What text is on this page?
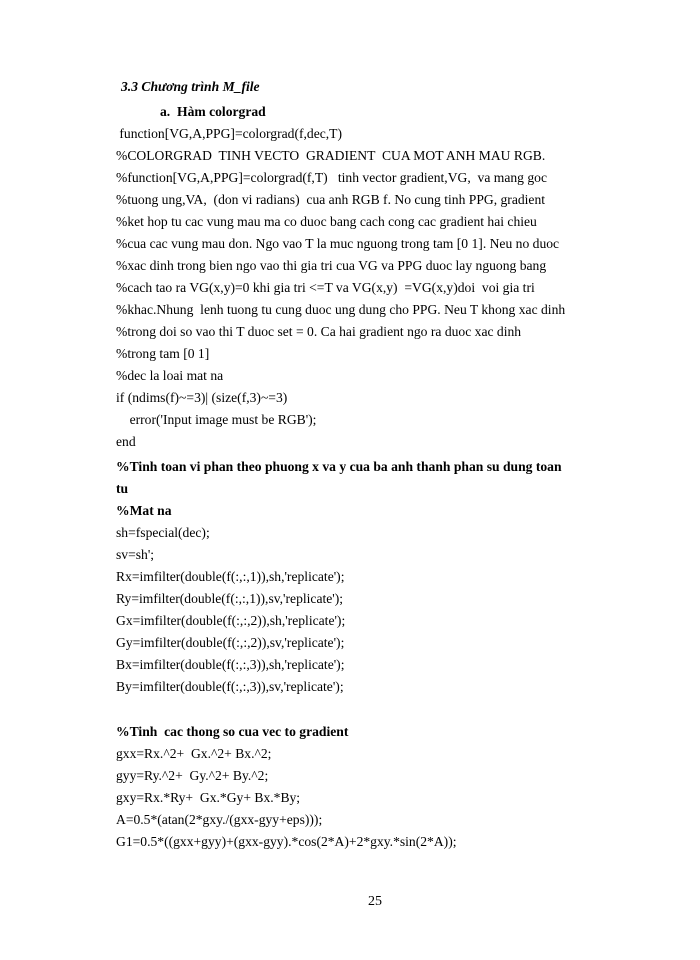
3.3 Chương trình M_file
a.  Hàm colorgrad
function[VG,A,PPG]=colorgrad(f,dec,T)
%COLORGRAD  TINH VECTO  GRADIENT  CUA MOT ANH MAU RGB.
%function[VG,A,PPG]=colorgrad(f,T)   tinh vector gradient,VG,  va mang goc
%tuong ung,VA,  (don vi radians)  cua anh RGB f. No cung tinh PPG, gradient
%ket hop tu cac vung mau ma co duoc bang cach cong cac gradient hai chieu
%cua cac vung mau don. Ngo vao T la muc nguong trong tam [0 1]. Neu no duoc
%xac dinh trong bien ngo vao thi gia tri cua VG va PPG duoc lay nguong bang
%cach tao ra VG(x,y)=0 khi gia tri <=T va VG(x,y)  =VG(x,y)doi  voi gia tri
%khac.Nhung  lenh tuong tu cung duoc ung dung cho PPG. Neu T khong xac dinh
%trong doi so vao thi T duoc set = 0. Ca hai gradient ngo ra duoc xac dinh
%trong tam [0 1]
%dec la loai mat na
if (ndims(f)~=3)| (size(f,3)~=3)
error('Input image must be RGB');
end
%Tinh toan vi phan theo phuong x va y cua ba anh thanh phan su dung toan
tu
%Mat na
sh=fspecial(dec);
sv=sh';
Rx=imfilter(double(f(:,:,1)),sh,'replicate');
Ry=imfilter(double(f(:,:,1)),sv,'replicate');
Gx=imfilter(double(f(:,:,2)),sh,'replicate');
Gy=imfilter(double(f(:,:,2)),sv,'replicate');
Bx=imfilter(double(f(:,:,3)),sh,'replicate');
By=imfilter(double(f(:,:,3)),sv,'replicate');
%Tinh  cac thong so cua vec to gradient
gxx=Rx.^2+  Gx.^2+ Bx.^2;
gyy=Ry.^2+  Gy.^2+ By.^2;
gxy=Rx.*Ry+  Gx.*Gy+ Bx.*By;
A=0.5*(atan(2*gxy./(gxx-gyy+eps)));
G1=0.5*((gxx+gyy)+(gxx-gyy).*cos(2*A)+2*gxy.*sin(2*A));
25
